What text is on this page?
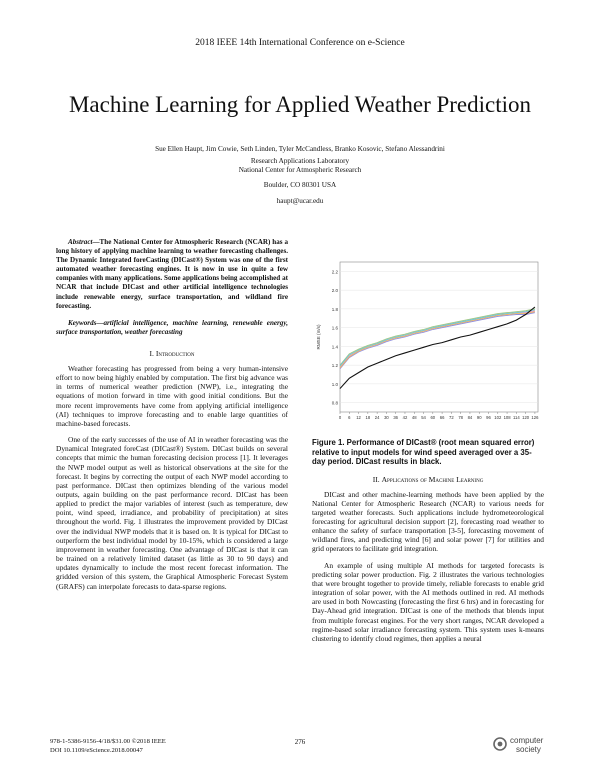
2018 IEEE 14th International Conference on e-Science
Machine Learning for Applied Weather Prediction
Sue Ellen Haupt, Jim Cowie, Seth Linden, Tyler McCandless, Branko Kosovic, Stefano Alessandrini
Research Applications Laboratory
National Center for Atmospheric Research
Boulder, CO 80301 USA
haupt@ucar.edu

Abstract—The National Center for Atmospheric Research (NCAR) has a long history of applying machine learning to weather forecasting challenges. The Dynamic Integrated foreCasting (DICast®) System was one of the first automated weather forecasting engines. It is now in use in quite a few companies with many applications. Some applications being accomplished at NCAR that include DICast and other artificial intelligence technologies include renewable energy, surface transportation, and wildland fire forecasting.

Keywords—artificial intelligence, machine learning, renewable energy, surface transportation, weather forecasting

I. Introduction

Weather forecasting has progressed from being a very human-intensive effort to now being highly enabled by computation. The first big advance was in terms of numerical weather prediction (NWP), i.e., integrating the equations of motion forward in time with good initial conditions. But the more recent improvements have come from applying artificial intelligence (AI) techniques to improve forecasting and to enable large quantities of machine-based forecasts.

One of the early successes of the use of AI in weather forecasting was the Dynamical Integrated foreCast (DICast®) System. DICast builds on several concepts that mimic the human forecasting decision process [1]. It leverages the NWP model output as well as historical observations at the site for the forecast. It begins by correcting the output of each NWP model according to past performance. DICast then optimizes blending of the various model outputs, again building on the past performance record. DICast has been applied to predict the major variables of interest (such as temperature, dew point, wind speed, irradiance, and probability of precipitation) at sites throughout the world. Fig. 1 illustrates the improvement provided by DICast over the individual NWP models that it is based on. It is typical for DICast to outperform the best individual model by 10-15%, which is considered a large improvement in weather forecasting. One advantage of DICast is that it can be trained on a relatively limited dataset (as little as 30 to 90 days) and updates dynamically to include the most recent forecast information. The gridded version of this system, the Graphical Atmospheric Forecast System (GRAFS) can interpolate forecasts to data-sparse regions.

0.8
1.0
1.2
1.4
1.6
1.8
2.0
2.2
0 6 12 18 24 30 36 42 48 54 60 66 72 78 84 90 96 102 108 114 120 126
RMSE (m/s)

Figure 1. Performance of DICast® (root mean squared error) relative to input models for wind speed averaged over a 35-day period. DICast results in black.

II. Applications of Machine Learning

DICast and other machine-learning methods have been applied by the National Center for Atmospheric Research (NCAR) to various needs for targeted weather forecasts. Such applications include hydrometeorological forecasting for agricultural decision support [2], forecasting road weather to enhance the safety of surface transportation [3-5], forecasting movement of wildland fires, and predicting wind [6] and solar power [7] for utilities and grid operators to facilitate grid integration.

An example of using multiple AI methods for targeted forecasts is predicting solar power production. Fig. 2 illustrates the various technologies that were brought together to provide timely, reliable forecasts to enable grid integration of solar power, with the AI methods outlined in red. AI methods are used in both Nowcasting (forecasting the first 6 hrs) and in forecasting for Day-Ahead grid integration. DICast is one of the methods that blends input from multiple forecast engines. For the very short ranges, NCAR developed a regime-based solar irradiance forecasting system. This system uses k-means clustering to identify cloud regimes, then applies a neural

978-1-5386-9156-4/18/$31.00 ©2018 IEEE
DOI 10.1109/eScience.2018.00047
276	computer
society
